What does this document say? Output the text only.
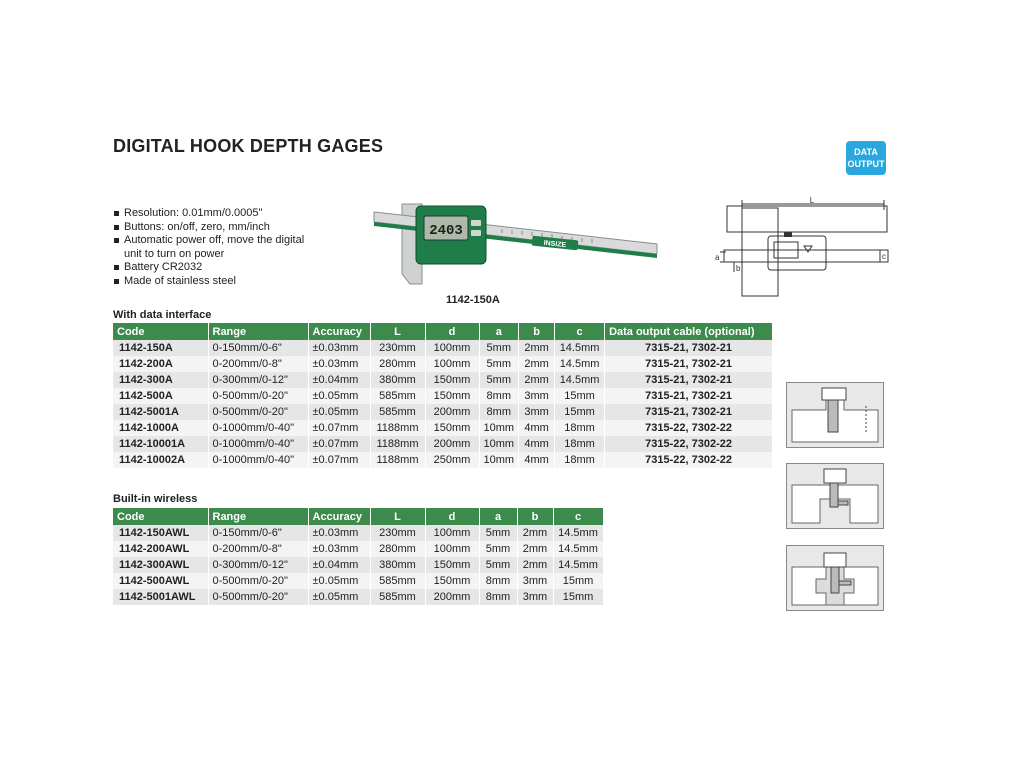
DIGITAL HOOK DEPTH GAGES	DATA
OUTPUT
Resolution: 0.01mm/0.0005"
Buttons: on/off, zero, mm/inch
Automatic power off, move the digital unit to turn on power
Battery CR2032
Made of stainless steel
2403
INSIZE
1142-150A
L
a
b
c
With data interface
Code	Range	Accuracy	L	d	a	b	c	Data output cable (optional)
1142-150A	0-150mm/0-6"	±0.03mm	230mm	100mm	5mm	2mm	14.5mm	7315-21, 7302-21
1142-200A	0-200mm/0-8"	±0.03mm	280mm	100mm	5mm	2mm	14.5mm	7315-21, 7302-21
1142-300A	0-300mm/0-12"	±0.04mm	380mm	150mm	5mm	2mm	14.5mm	7315-21, 7302-21
1142-500A	0-500mm/0-20"	±0.05mm	585mm	150mm	8mm	3mm	15mm	7315-21, 7302-21
1142-5001A	0-500mm/0-20"	±0.05mm	585mm	200mm	8mm	3mm	15mm	7315-21, 7302-21
1142-1000A	0-1000mm/0-40"	±0.07mm	1188mm	150mm	10mm	4mm	18mm	7315-22, 7302-22
1142-10001A	0-1000mm/0-40"	±0.07mm	1188mm	200mm	10mm	4mm	18mm	7315-22, 7302-22
1142-10002A	0-1000mm/0-40"	±0.07mm	1188mm	250mm	10mm	4mm	18mm	7315-22, 7302-22
Built-in wireless
Code	Range	Accuracy	L	d	a	b	c
1142-150AWL	0-150mm/0-6"	±0.03mm	230mm	100mm	5mm	2mm	14.5mm
1142-200AWL	0-200mm/0-8"	±0.03mm	280mm	100mm	5mm	2mm	14.5mm
1142-300AWL	0-300mm/0-12"	±0.04mm	380mm	150mm	5mm	2mm	14.5mm
1142-500AWL	0-500mm/0-20"	±0.05mm	585mm	150mm	8mm	3mm	15mm
1142-5001AWL	0-500mm/0-20"	±0.05mm	585mm	200mm	8mm	3mm	15mm
